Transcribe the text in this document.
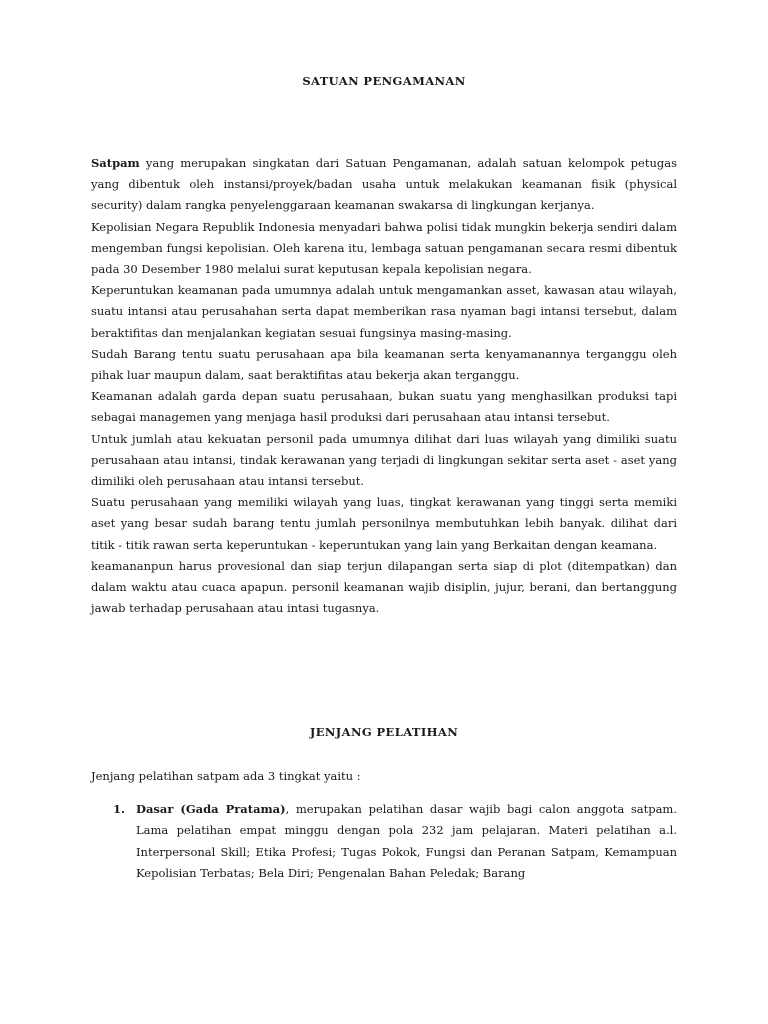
SATUAN PENGAMANAN

Satpam yang merupakan singkatan dari Satuan Pengamanan, adalah satuan kelompok petugas yang dibentuk oleh instansi/proyek/badan usaha untuk melakukan keamanan fisik (physical security) dalam rangka penyelenggaraan keamanan swakarsa di lingkungan kerjanya.

Kepolisian Negara Republik Indonesia menyadari bahwa polisi tidak mungkin bekerja sendiri dalam mengemban fungsi kepolisian. Oleh karena itu, lembaga satuan pengamanan secara resmi dibentuk pada 30 Desember 1980 melalui surat keputusan kepala kepolisian negara.

Keperuntukan keamanan pada umumnya adalah untuk mengamankan asset, kawasan atau wilayah, suatu intansi atau perusahahan serta dapat memberikan rasa nyaman bagi intansi tersebut, dalam beraktifitas dan menjalankan kegiatan sesuai fungsinya masing-masing.

Sudah Barang tentu suatu perusahaan apa bila keamanan serta kenyamanannya terganggu oleh pihak luar maupun dalam, saat beraktifitas atau bekerja akan terganggu.

Keamanan adalah garda depan suatu perusahaan, bukan suatu yang menghasilkan produksi tapi sebagai managemen yang menjaga hasil produksi dari perusahaan atau intansi tersebut.

Untuk jumlah atau kekuatan personil pada umumnya dilihat dari luas wilayah yang dimiliki suatu perusahaan atau intansi, tindak kerawanan yang terjadi di lingkungan sekitar serta aset - aset yang dimiliki oleh perusahaan atau intansi tersebut.

Suatu perusahaan yang memiliki wilayah yang luas, tingkat kerawanan yang tinggi serta memiki aset yang besar sudah barang tentu jumlah personilnya membutuhkan lebih banyak. dilihat dari titik - titik rawan serta keperuntukan - keperuntukan yang lain yang Berkaitan dengan keamana.

keamananpun harus provesional dan siap terjun dilapangan serta siap di plot (ditempatkan) dan dalam waktu atau cuaca apapun. personil keamanan wajib disiplin, jujur, berani, dan bertanggung jawab terhadap perusahaan atau intasi tugasnya.

JENJANG PELATIHAN
Jenjang pelatihan satpam ada 3 tingkat yaitu :
1. Dasar (Gada Pratama), merupakan pelatihan dasar wajib bagi calon anggota satpam. Lama pelatihan empat minggu dengan pola 232 jam pelajaran. Materi pelatihan a.l. Interpersonal Skill; Etika Profesi; Tugas Pokok, Fungsi dan Peranan Satpam, Kemampuan Kepolisian Terbatas; Bela Diri; Pengenalan Bahan Peledak; Barang
